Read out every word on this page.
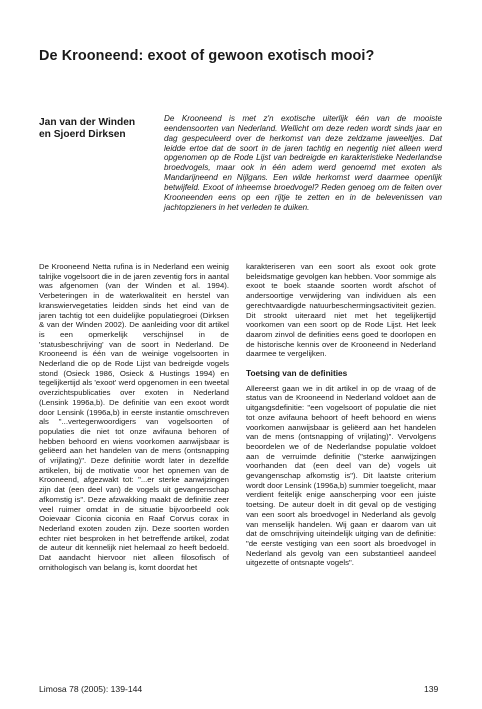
De Krooneend: exoot of gewoon exotisch mooi?
Jan van der Winden
en Sjoerd Dirksen
De Krooneend is met z'n exotische uiterlijk één van de mooiste eendensoorten van Nederland. Wellicht om deze reden wordt sinds jaar en dag gespeculeerd over de herkomst van deze zeldzame jaweeltjes. Dat leidde ertoe dat de soort in de jaren tachtig en negentig niet alleen werd opgenomen op de Rode Lijst van bedreigde en karakteristieke Nederlandse broedvogels, maar ook in één adem werd genoemd met exoten als Mandarijneend en Nijlgans. Een wilde herkomst werd daarmee openlijk betwijfeld. Exoot of inheemse broedvogel? Reden genoeg om de feiten over Krooneenden eens op een rijtje te zetten en in de belevenissen van jachtopzieners in het verleden te duiken.

De Krooneend Netta rufina is in Nederland een weinig talrijke vogelsoort die in de jaren zeventig fors in aantal was afgenomen (van der Winden et al. 1994). Verbeteringen in de waterkwaliteit en herstel van kranswiervegetaties leidden sinds het eind van de jaren tachtig tot een duidelijke populatiegroei (Dirksen & van der Winden 2002). De aanleiding voor dit artikel is een opmerkelijk verschijnsel in de 'statusbeschrijving' van de soort in Nederland. De Krooneend is één van de weinige vogelsoorten in Nederland die op de Rode Lijst van bedreigde vogels stond (Osieck 1986, Osieck & Hustings 1994) en tegelijkertijd als 'exoot' werd opgenomen in een tweetal overzichtspublicaties over exoten in Nederland (Lensink 1996a,b). De definitie van een exoot wordt door Lensink (1996a,b) in eerste instantie omschreven als "...vertegenwoordigers van vogelsoorten of populaties die niet tot onze avifauna behoren of hebben behoord en wiens voorkomen aanwijsbaar is geliëerd aan het handelen van de mens (ontsnapping of vrijlating)". Deze definitie wordt later in dezelfde artikelen, bij de motivatie voor het opnemen van de Krooneend, afgezwakt tot: "...er sterke aanwijzingen zijn dat (een deel van) de vogels uit gevangenschap afkomstig is". Deze afzwakking maakt de definitie zeer veel ruimer omdat in de situatie bijvoorbeeld ook Ooievaar Ciconia ciconia en Raaf Corvus corax in Nederland exoten zouden zijn. Deze soorten worden echter niet besproken in het betreffende artikel, zodat de auteur dit kennelijk niet helemaal zo heeft bedoeld. Dat aandacht hiervoor niet alleen filosofisch of ornithologisch van belang is, komt doordat het

karakteriseren van een soort als exoot ook grote beleidsmatige gevolgen kan hebben. Voor sommige als exoot te boek staande soorten wordt afschot of andersoortige verwijdering van individuen als een gerechtvaardigde natuurbeschermingsactiviteit gezien. Dit strookt uiteraard niet met het tegelijkertijd voorkomen van een soort op de Rode Lijst. Het leek daarom zinvol de definities eens goed te doorlopen en de historische kennis over de Krooneend in Nederland daarmee te vergelijken.

Toetsing van de definities

Allereerst gaan we in dit artikel in op de vraag of de status van de Krooneend in Nederland voldoet aan de uitgangsdefinitie: "een vogelsoort of populatie die niet tot onze avifauna behoort of heeft behoord en wiens voorkomen aanwijsbaar is geliëerd aan het handelen van de mens (ontsnapping of vrijlating)". Vervolgens beoordelen we of de Nederlandse populatie voldoet aan de verruimde definitie ("sterke aanwijzingen voorhanden dat (een deel van de) vogels uit gevangenschap afkomstig is"). Dit laatste criterium wordt door Lensink (1996a,b) summier toegelicht, maar verdient feitelijk enige aanscherping voor een juiste toetsing. De auteur doelt in dit geval op de vestiging van een soort als broedvogel in Nederland als gevolg van menselijk handelen. Wij gaan er daarom van uit dat de omschrijving uiteindelijk uitging van de definitie: "de eerste vestiging van een soort als broedvogel in Nederland als gevolg van een substantieel aandeel uitgezette of ontsnapte vogels".

Limosa 78 (2005): 139-144	139
